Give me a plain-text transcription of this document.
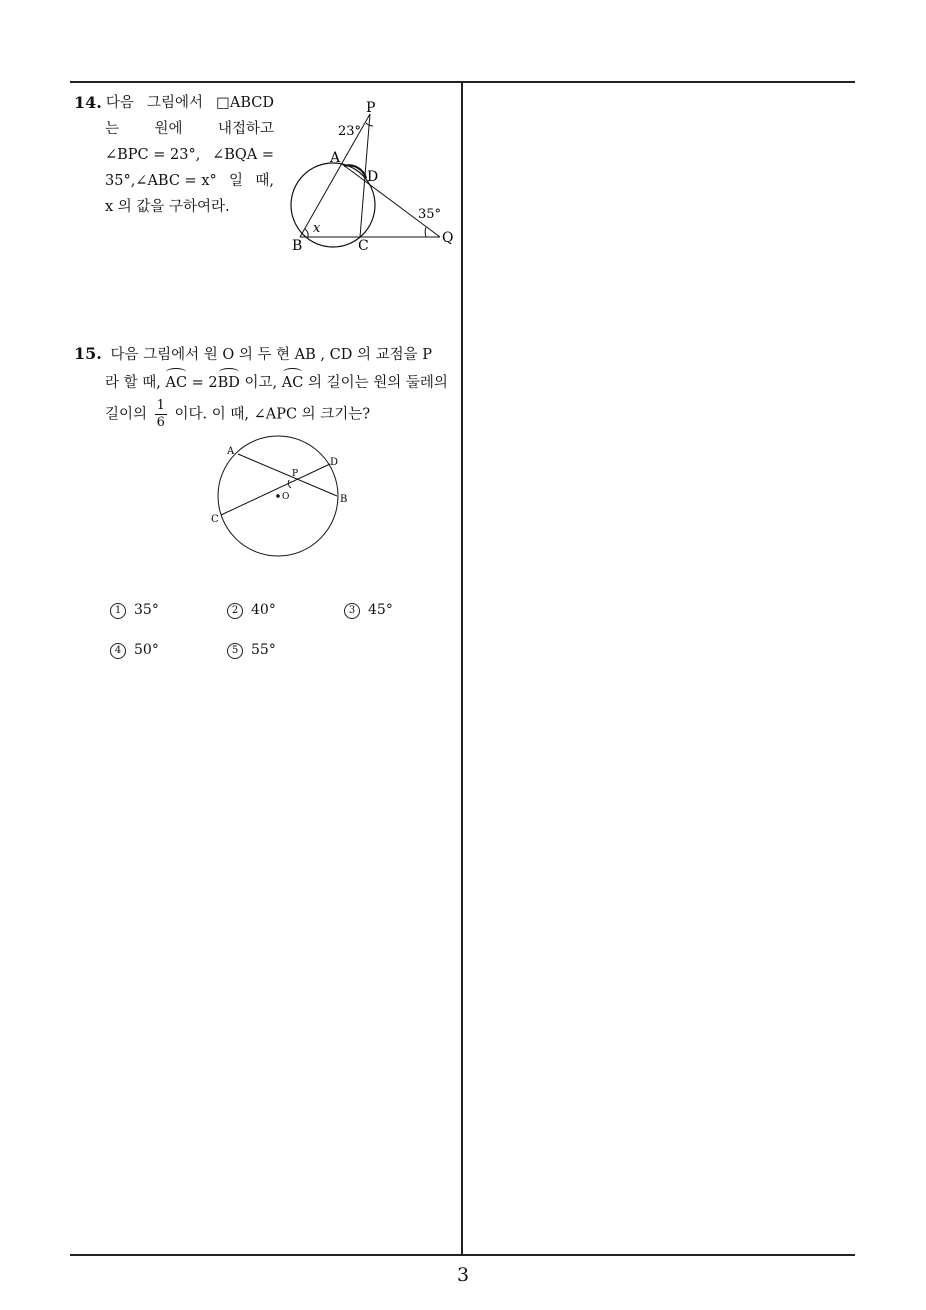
3
14. 다음 그림에서 □ABCD
는 원에 내접하고
∠BPC = 23°, ∠BQA =
35°,∠ABC = x° 일 때,
x 의 값을 구하여라.
P
A
D
B	C	Q
x
23°
35°
15. 다음 그림에서 원 O 의 두 현 AB , CD 의 교점을 P
라 할 때, AC = 2BD 이고, AC 의 길이는 원의 둘레의
길이의 $\frac{1}{6}$ 이다. 이 때, ∠APC 의 크기는?
A
D
P
O	B
C
1 35°	2 40°	3 45°
4 50°	5 55°
